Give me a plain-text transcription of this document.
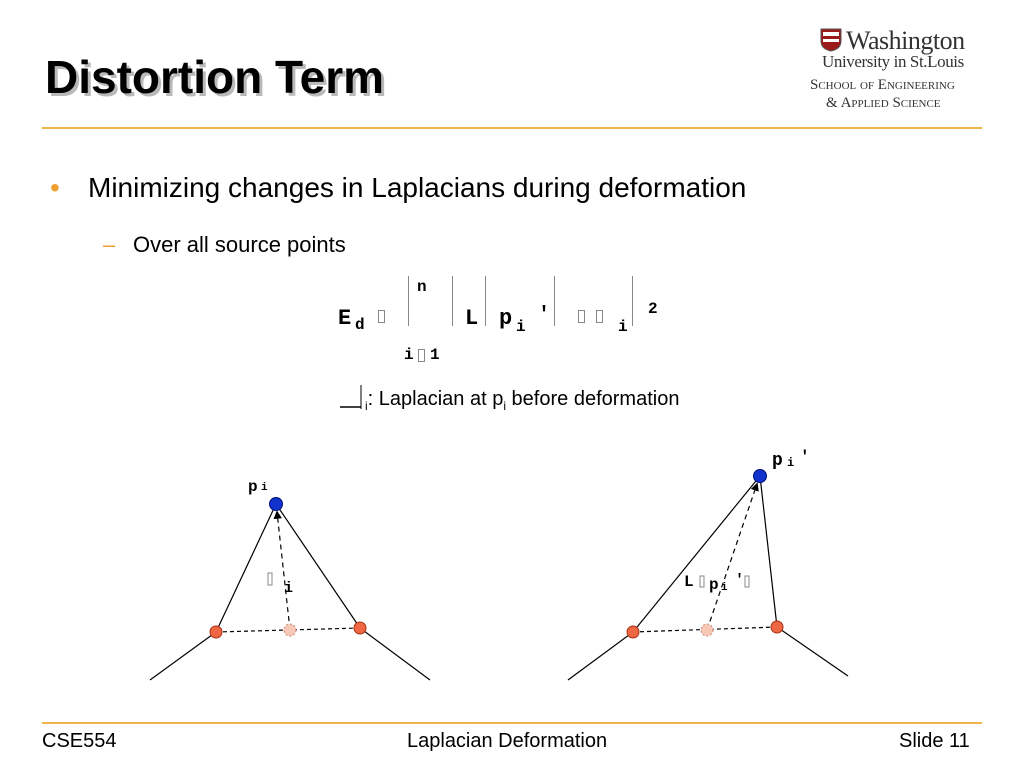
Distortion Term
Washington
University in St.Louis
School of Engineering
& Applied Science
• Minimizing changes in Laplacians during deformation
– Over all source points
E d
n
L p i '	i
2
i 1
$_i$: Laplacian at $p_i$ before deformation
p i
i
p i '
L p i '
CSE554	Laplacian Deformation	Slide 11
